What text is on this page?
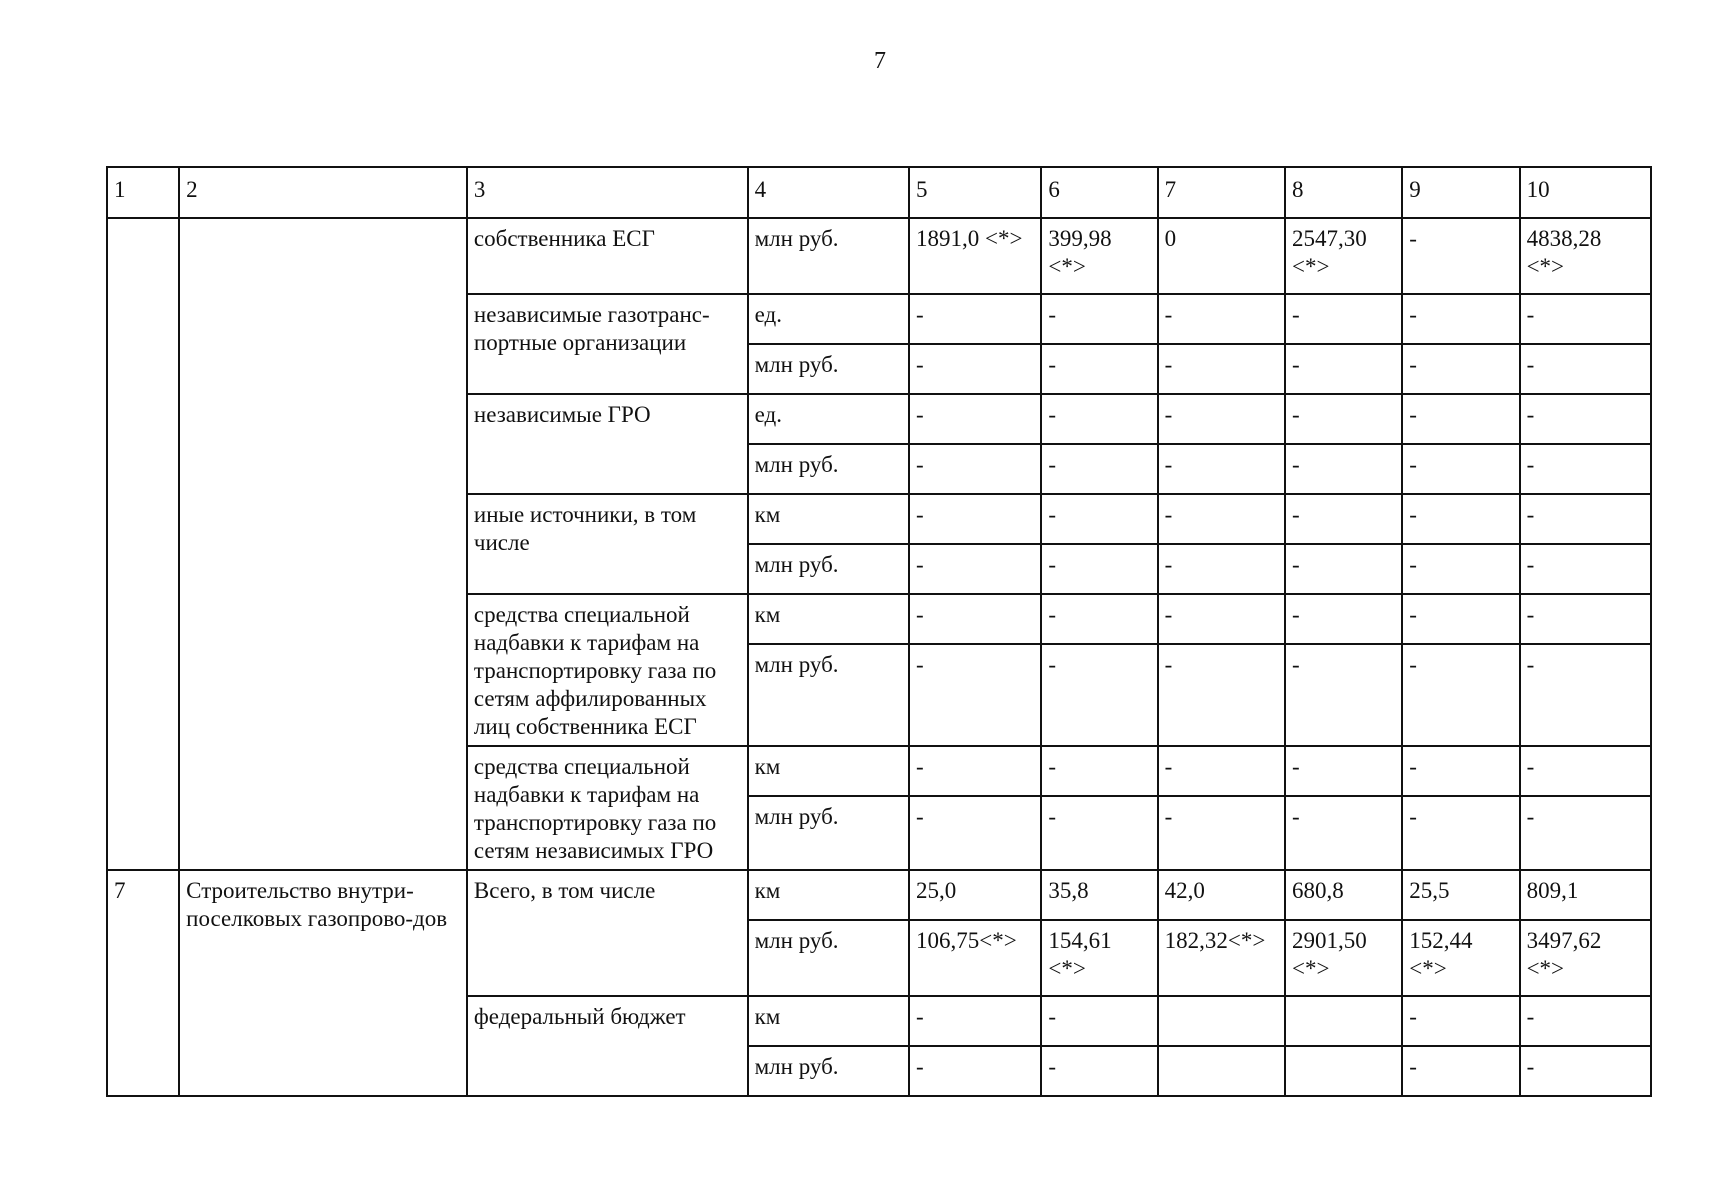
7
1	2	3	4	5	6	7	8	9	10
		собственника ЕСГ	млн руб.	1891,0 <*>	399,98 <*>	0	2547,30 <*>	-	4838,28 <*>
		независимые газотранс-портные организации	ед.	-	-	-	-	-	-
			млн руб.	-	-	-	-	-	-
		независимые ГРО	ед.	-	-	-	-	-	-
			млн руб.	-	-	-	-	-	-
		иные источники, в том числе	км	-	-	-	-	-	-
			млн руб.	-	-	-	-	-	-
		средства специальной надбавки к тарифам на транспортировку газа по сетям аффилированных лиц собственника ЕСГ	км	-	-	-	-	-	-
			млн руб.	-	-	-	-	-	-
		средства специальной надбавки к тарифам на транспортировку газа по сетям независимых ГРО	км	-	-	-	-	-	-
			млн руб.	-	-	-	-	-	-
7	Строительство внутри-поселковых газопрово-дов	Всего, в том числе	км	25,0	35,8	42,0	680,8	25,5	809,1
			млн руб.	106,75<*>	154,61 <*>	182,32<*>	2901,50 <*>	152,44 <*>	3497,62 <*>
		федеральный бюджет	км	-	-			-	-
			млн руб.	-	-			-	-
